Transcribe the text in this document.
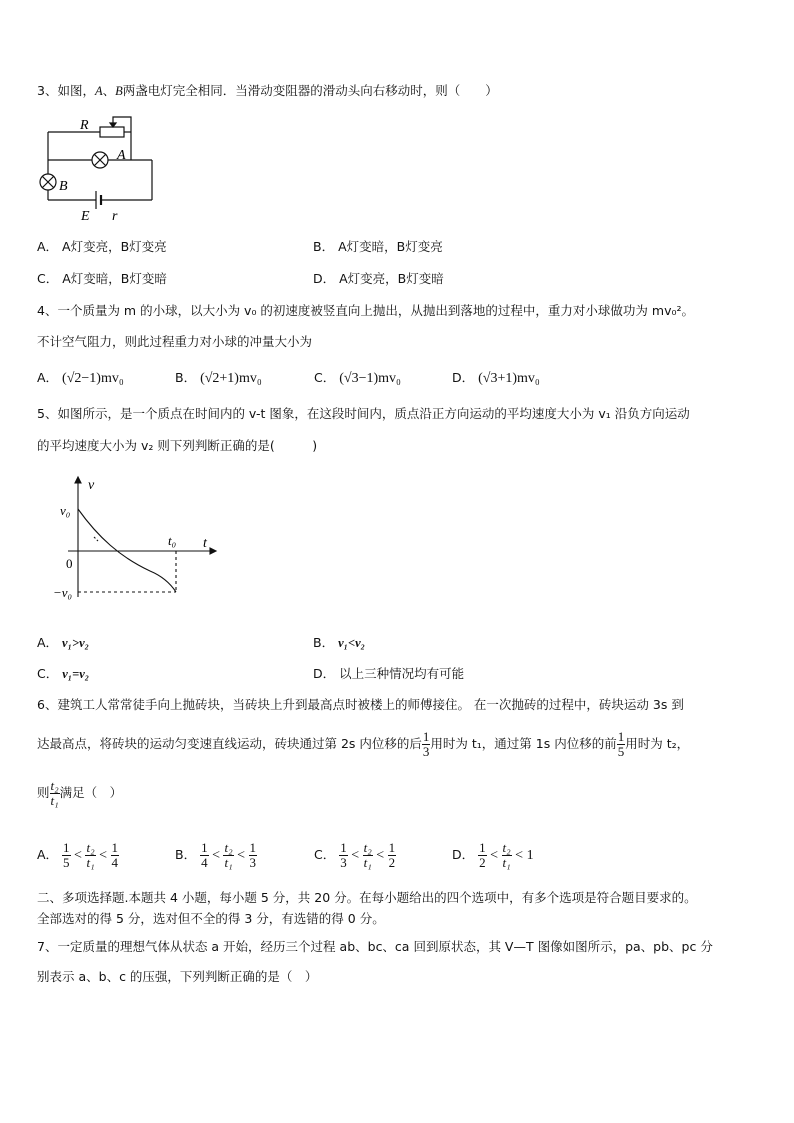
3、如图，A、B两盏电灯完全相同．当滑动变阻器的滑动头向右移动时，则（　　）
R
A
B
E r
A． A灯变亮，B灯变亮	B． A灯变暗，B灯变亮
C． A灯变暗，B灯变暗	D． A灯变亮，B灯变暗
4、一个质量为 m 的小球，以大小为 v₀ 的初速度被竖直向上抛出，从抛出到落地的过程中，重力对小球做功为 mv₀²。
不计空气阻力，则此过程重力对小球的冲量大小为
A． (√2−1)mv₀	B． (√2+1)mv₀	C． (√3−1)mv₀	D． (√3+1)mv₀
5、如图所示，是一个质点在时间内的 v-t 图象，在这段时间内，质点沿正方向运动的平均速度大小为 v₁ 沿负方向运动
的平均速度大小为 v₂ 则下列判断正确的是(　　　)
v
t
v₀
−v₀
t₀
0
A． v₁>v₂	B． v₁<v₂
C． v₁=v₂	D． 以上三种情况均有可能
6、建筑工人常常徒手向上抛砖块，当砖块上升到最高点时被楼上的师傅接住。 在一次抛砖的过程中，砖块运动 3s 到
达最高点，将砖块的运动匀变速直线运动，砖块通过第 2s 内位移的后 $\frac{1}{3}$ 用时为 t₁，通过第 1s 内位移的前 $\frac{1}{5}$ 用时为 t₂，
则 $\frac{\text{t₂}}{\text{t₁}}$ 满足（　）
A． $\frac{1}{5} < \frac{\text{t₂}}{\text{t₁}} < \frac{1}{4}$	B． $\frac{1}{4} < \frac{\text{t₂}}{\text{t₁}} < \frac{1}{3}$	C． $\frac{1}{3} < \frac{\text{t₂}}{\text{t₁}} < \frac{1}{2}$	D． $\frac{1}{2} < \frac{\text{t₂}}{\text{t₁}} < 1$
二、多项选择题.本题共 4 小题，每小题 5 分，共 20 分。在每小题给出的四个选项中，有多个选项是符合题目要求的。
全部选对的得 5 分，选对但不全的得 3 分，有选错的得 0 分。
7、一定质量的理想气体从状态 a 开始，经历三个过程 ab、bc、ca 回到原状态，其 V—T 图像如图所示，pa、pb、pc 分
别表示 a、b、c 的压强，下列判断正确的是（　）
